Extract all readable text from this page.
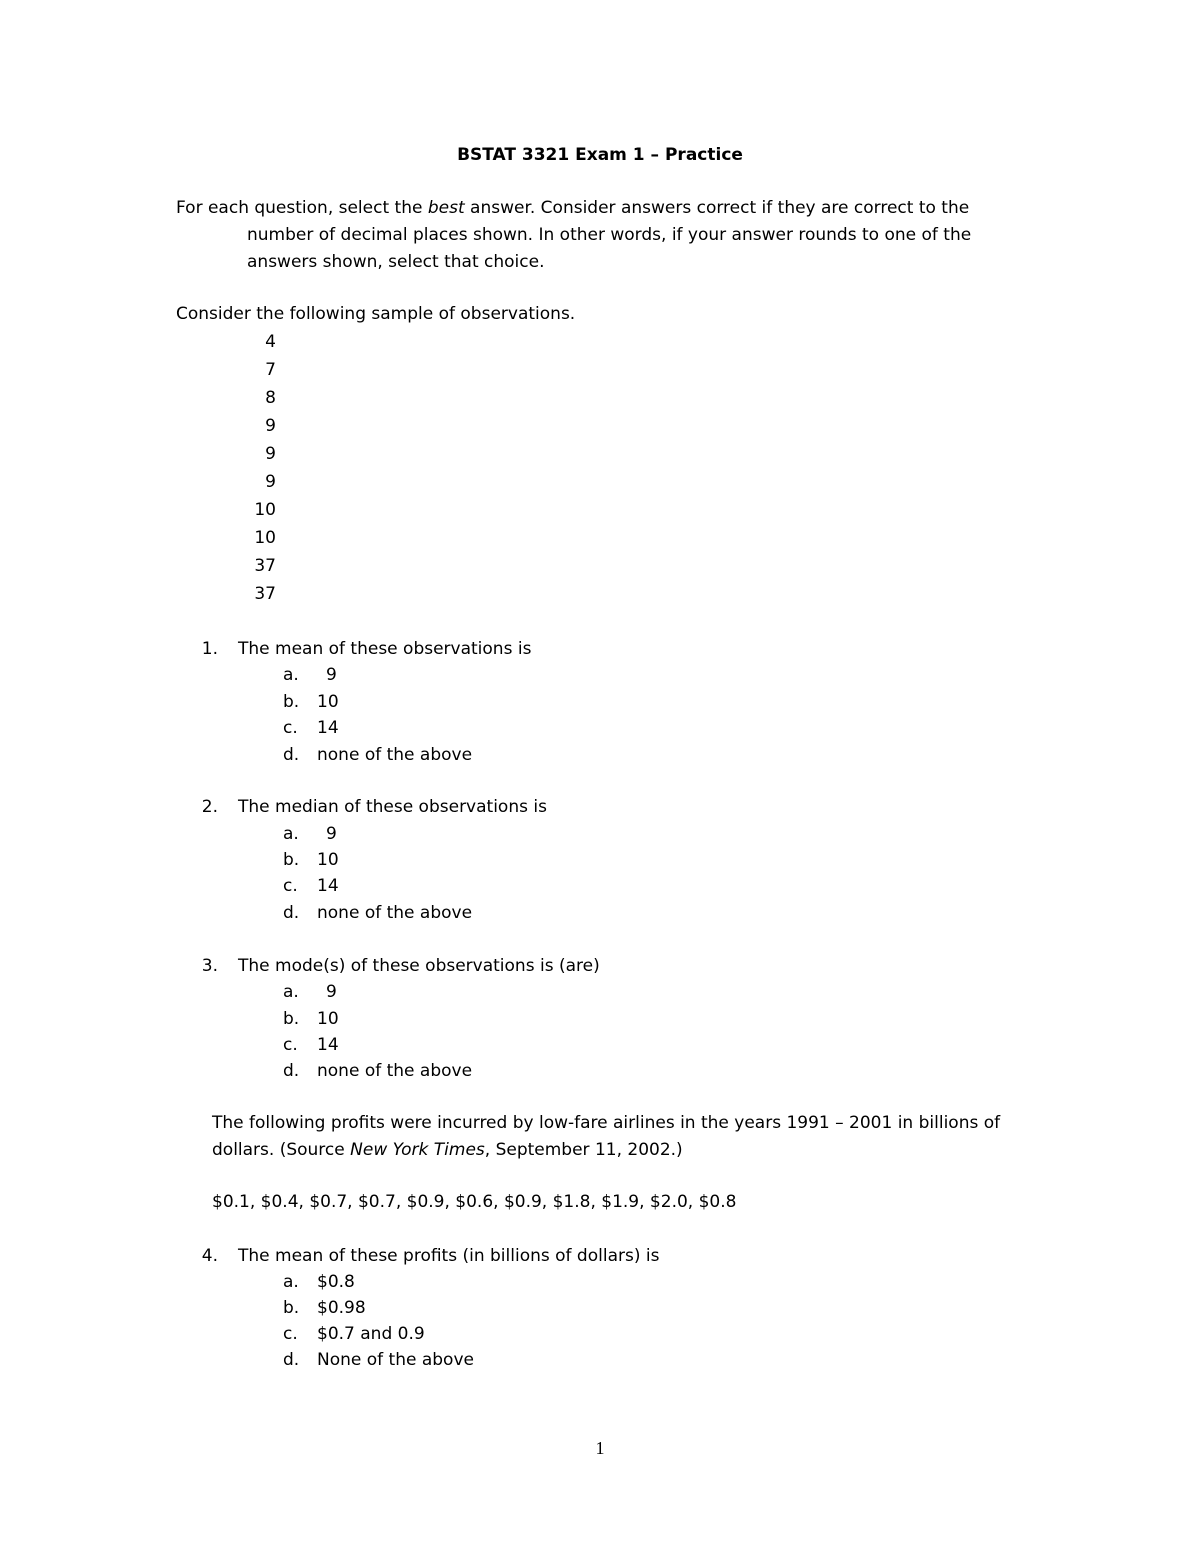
BSTAT 3321 Exam 1 – Practice
For each question, select the best answer. Consider answers correct if they are correct to the
number of decimal places shown. In other words, if your answer rounds to one of the
answers shown, select that choice.
Consider the following sample of observations.
4
7
8
9
9
9
10
10
37
37
1. The mean of these observations is
a. 9
b. 10
c.	14
d. none of the above
2. The median of these observations is
a. 9
b. 10
c.	14
d. none of the above
3. The mode(s) of these observations is (are)
a. 9
b. 10
c.	14
d. none of the above
The following profits were incurred by low-fare airlines in the years 1991 – 2001 in billions of
dollars. (Source New York Times, September 11, 2002.)
$0.1, $0.4, $0.7, $0.7, $0.9, $0.6, $0.9, $1.8, $1.9, $2.0, $0.8
4. The mean of these profits (in billions of dollars) is
a. $0.8
b. $0.98
c.	$0.7 and 0.9
d. None of the above
1
